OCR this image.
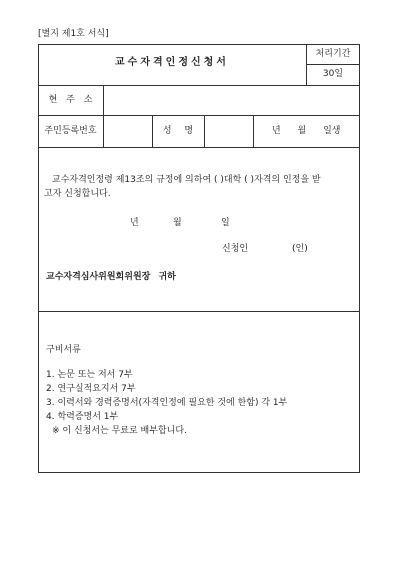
[별지 제1호 서식]
교수자격인정신청서
처리기간
30일
현 주 소
주민등록번호	성 명	년 월 일생
교수자격인정령 제13조의 규정에 의하여 ( )대학 ( )자격의 인정을 받
고자 신청합니다.
년	월	일
신청인	(인)
교수자격심사위원회위원장 귀하
구비서류
1. 논문 또는 저서 7부
2. 연구실적요지서 7부
3. 이력서와 경력증명서(자격인정에 필요한 것에 한함) 각 1부
4. 학력증명서 1부
※ 이 신청서는 무료로 배부합니다.
